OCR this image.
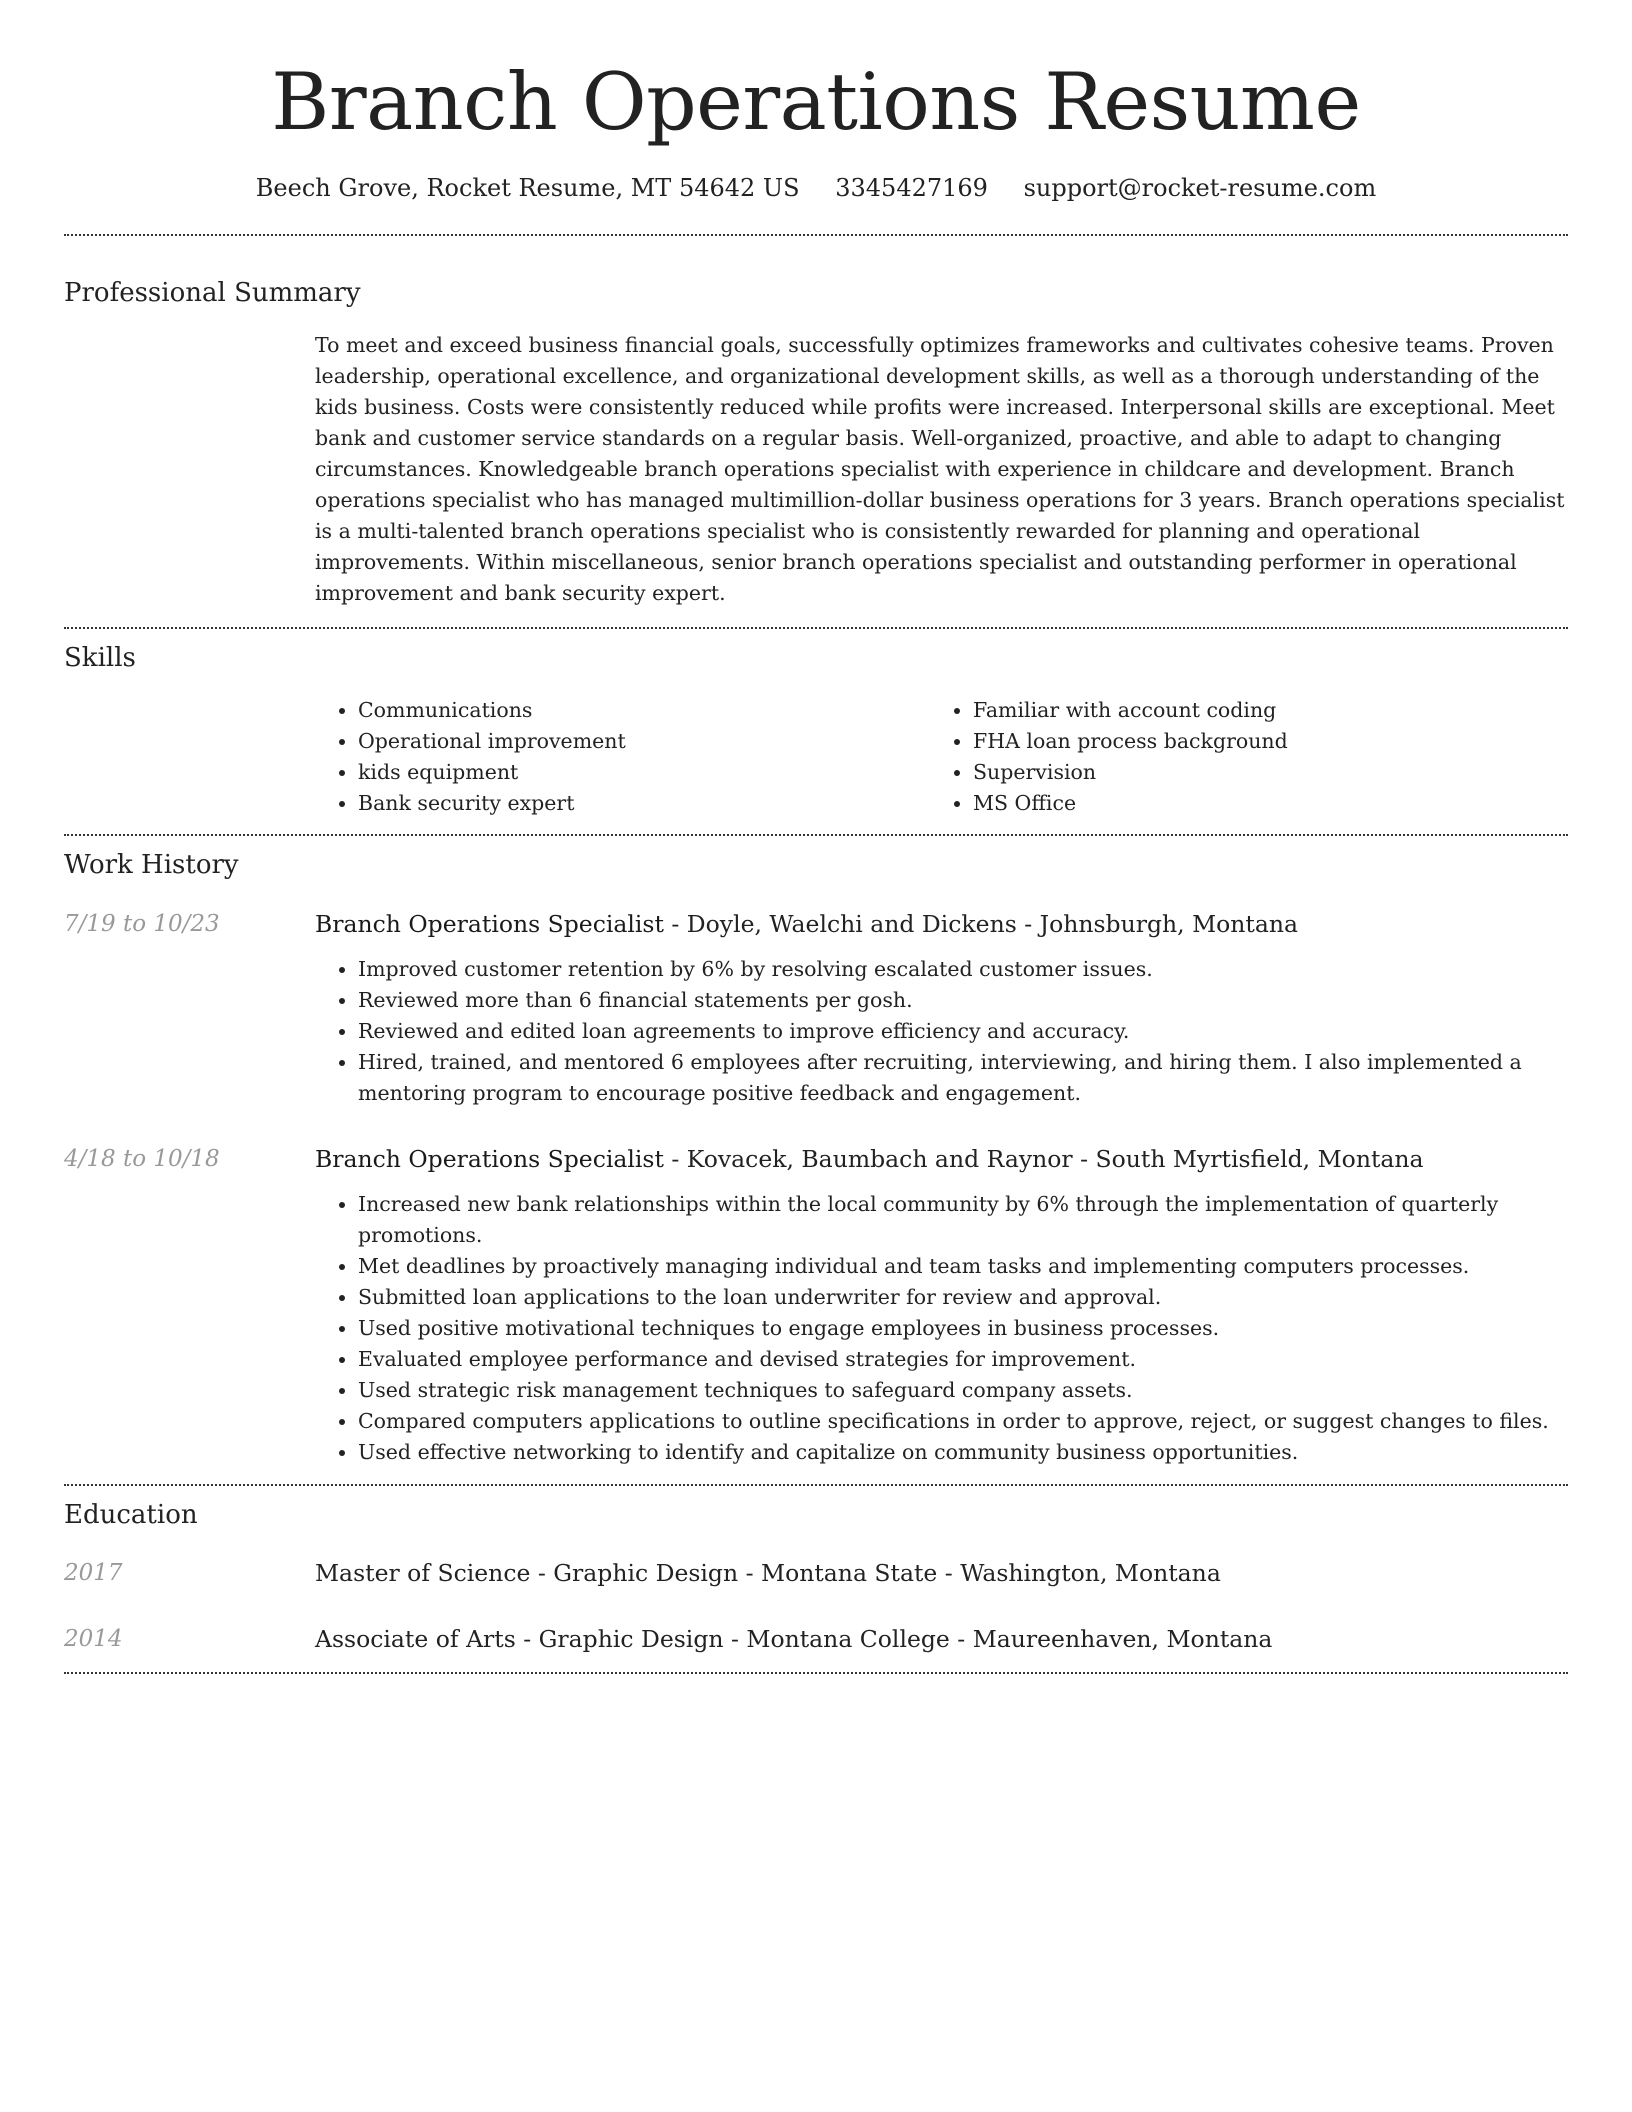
Branch Operations Resume
Beech Grove, Rocket Resume, MT 54642 US 3345427169 support@rocket-resume.com
Professional Summary
To meet and exceed business financial goals, successfully optimizes frameworks and cultivates cohesive teams. Proven leadership, operational excellence, and organizational development skills, as well as a thorough understanding of the kids business. Costs were consistently reduced while profits were increased. Interpersonal skills are exceptional. Meet bank and customer service standards on a regular basis. Well-organized, proactive, and able to adapt to changing circumstances. Knowledgeable branch operations specialist with experience in childcare and development. Branch operations specialist who has managed multimillion-dollar business operations for 3 years. Branch operations specialist is a multi-talented branch operations specialist who is consistently rewarded for planning and operational improvements. Within miscellaneous, senior branch operations specialist and outstanding performer in operational improvement and bank security expert.
Skills
• Communications
• Operational improvement
• kids equipment
• Bank security expert
• Familiar with account coding
• FHA loan process background
• Supervision
• MS Office
Work History
7/19 to 10/23	Branch Operations Specialist - Doyle, Waelchi and Dickens - Johnsburgh, Montana
• Improved customer retention by 6% by resolving escalated customer issues.
• Reviewed more than 6 financial statements per gosh.
• Reviewed and edited loan agreements to improve efficiency and accuracy.
• Hired, trained, and mentored 6 employees after recruiting, interviewing, and hiring them. I also implemented a mentoring program to encourage positive feedback and engagement.
4/18 to 10/18	Branch Operations Specialist - Kovacek, Baumbach and Raynor - South Myrtisfield, Montana
• Increased new bank relationships within the local community by 6% through the implementation of quarterly promotions.
• Met deadlines by proactively managing individual and team tasks and implementing computers processes.
• Submitted loan applications to the loan underwriter for review and approval.
• Used positive motivational techniques to engage employees in business processes.
• Evaluated employee performance and devised strategies for improvement.
• Used strategic risk management techniques to safeguard company assets.
• Compared computers applications to outline specifications in order to approve, reject, or suggest changes to files.
• Used effective networking to identify and capitalize on community business opportunities.
Education
2017	Master of Science - Graphic Design - Montana State - Washington, Montana
2014	Associate of Arts - Graphic Design - Montana College - Maureenhaven, Montana
